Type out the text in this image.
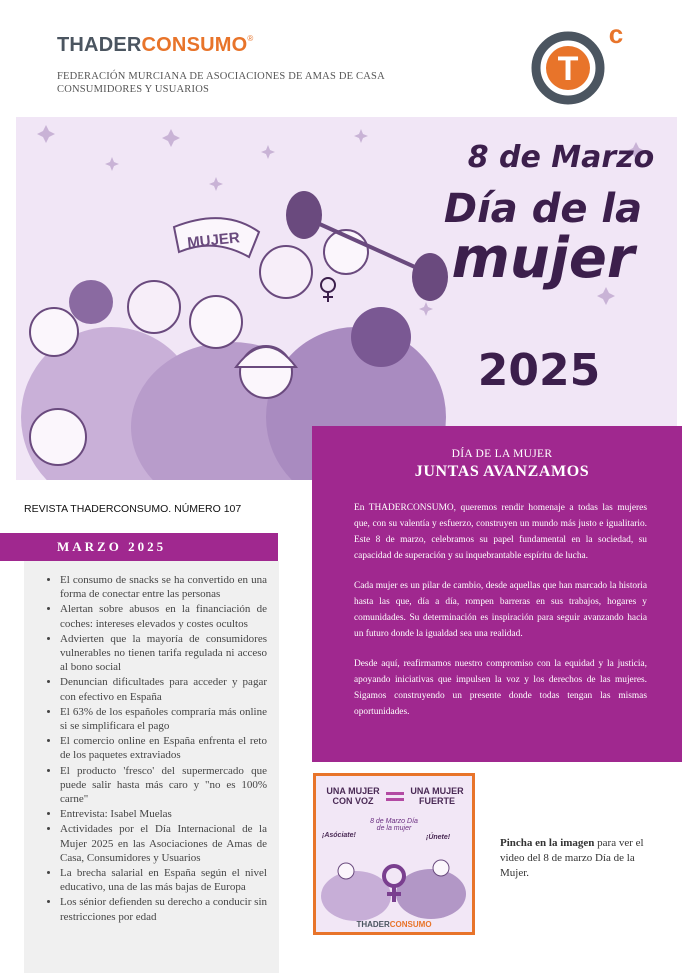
THADERCONSUMO®
FEDERACIÓN MURCIANA DE ASOCIACIONES DE AMAS DE CASA
CONSUMIDORES Y USUARIOS
T
c
MUJER
8 de Marzo
Día de la
mujer
2025
DÍA DE LA MUJER
JUNTAS AVANZAMOS

En THADERCONSUMO, queremos rendir homenaje a todas las mujeres que, con su valentía y esfuerzo, construyen un mundo más justo e igualitario. Este 8 de marzo, celebramos su papel fundamental en la sociedad, su capacidad de superación y su inquebrantable espíritu de lucha.

Cada mujer es un pilar de cambio, desde aquellas que han marcado la historia hasta las que, día a día, rompen barreras en sus trabajos, hogares y comunidades. Su determinación es inspiración para seguir avanzando hacia un futuro donde la igualdad sea una realidad.

Desde aquí, reafirmamos nuestro compromiso con la equidad y la justicia, apoyando iniciativas que impulsen la voz y los derechos de las mujeres. Sigamos construyendo un presente donde todas tengan las mismas oportunidades.

REVISTA THADERCONSUMO. NÚMERO 107
MARZO 2025
• El consumo de snacks se ha convertido en una forma de conectar entre las personas
• Alertan sobre abusos en la financiación de coches: intereses elevados y costes ocultos
• Advierten que la mayoría de consumidores vulnerables no tienen tarifa regulada ni acceso al bono social
• Denuncian dificultades para acceder y pagar con efectivo en España
• El 63% de los españoles compraría más online si se simplificara el pago
• El comercio online en España enfrenta el reto de los paquetes extraviados
• El producto 'fresco' del supermercado que puede salir hasta más caro y "no es 100% carne"
• Entrevista: Isabel Muelas
• Actividades por el Día Internacional de la Mujer 2025 en las Asociaciones de Amas de Casa, Consumidores y Usuarios
• La brecha salarial en España según el nivel educativo, una de las más bajas de Europa
• Los sénior defienden su derecho a conducir sin restricciones por edad
UNA MUJER
CON VOZ
UNA MUJER
FUERTE
¡Asóciate!
8 de Marzo Día de la mujer
¡Únete!
THADERCONSUMO
Pincha en la imagen para ver el video del 8 de marzo Día de la Mujer.
